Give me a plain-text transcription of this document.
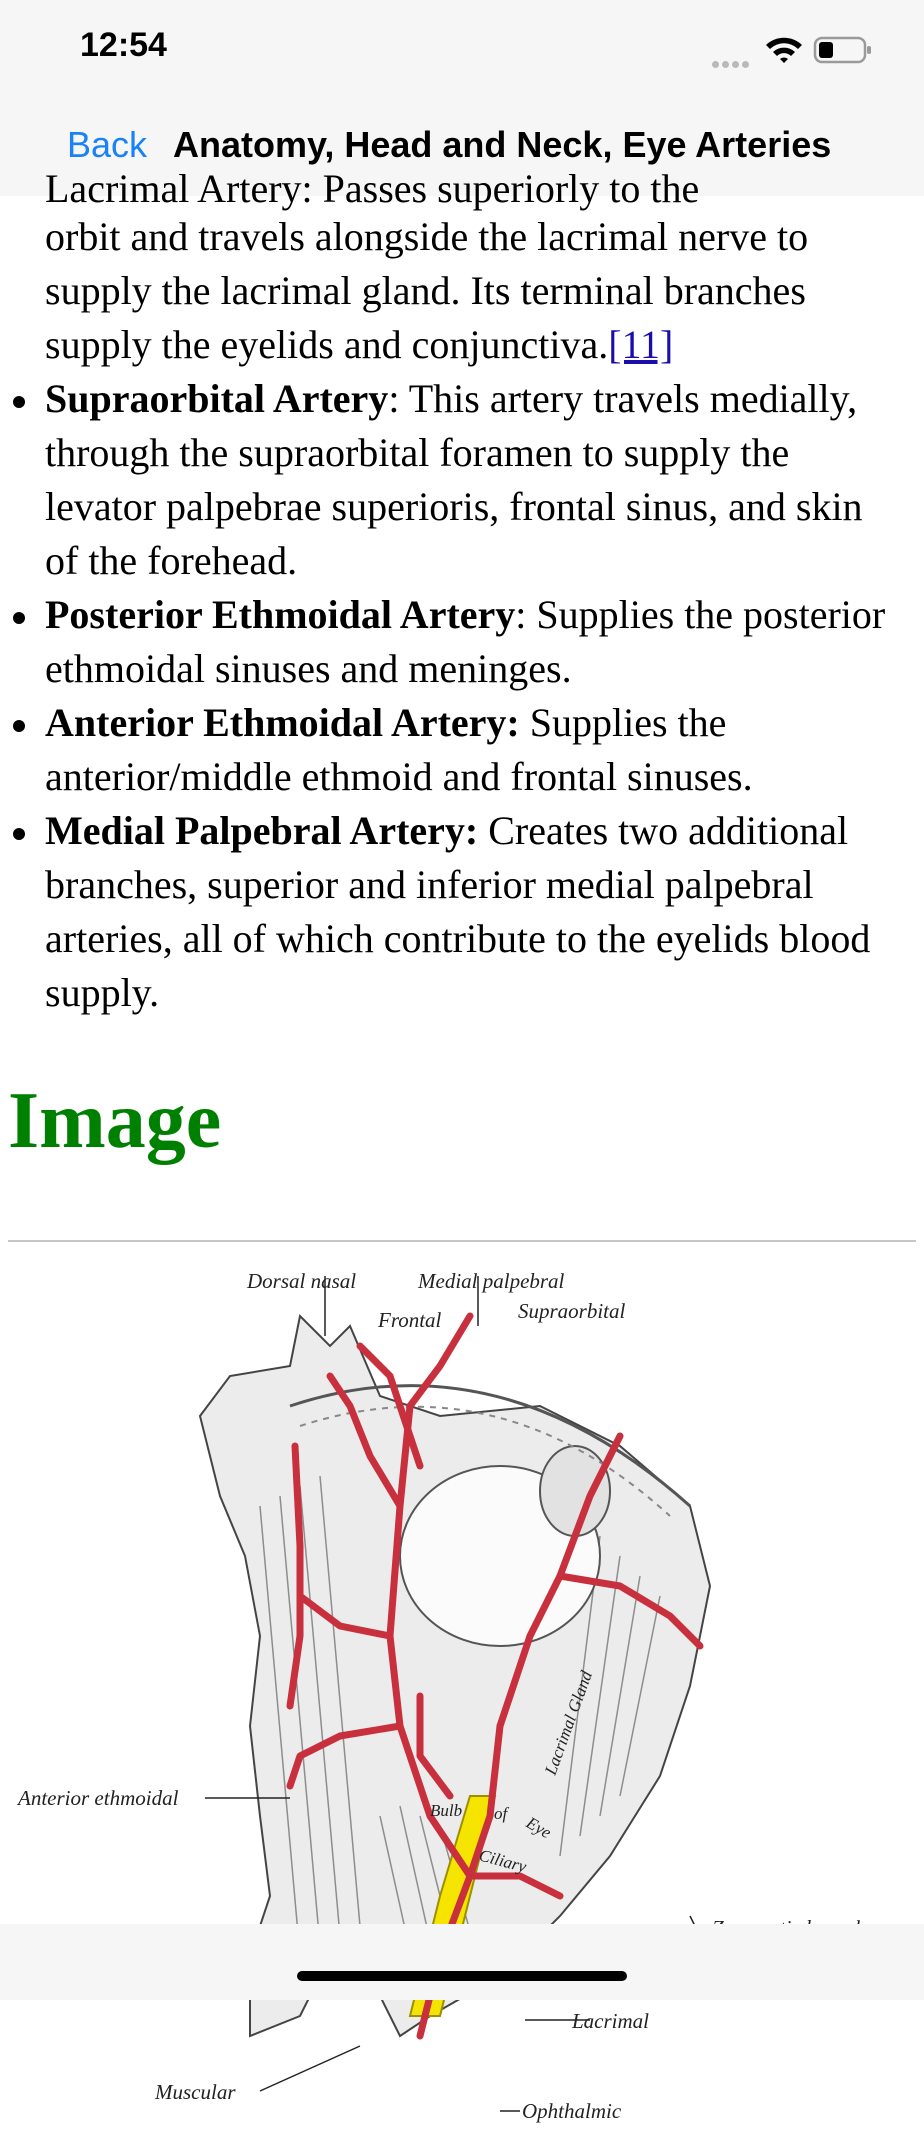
12:54
Back Anatomy, Head and Neck, Eye Arteries
Lacrimal Artery: Passes superiorly to the
orbit and travels alongside the lacrimal nerve to supply the lacrimal gland. Its terminal branches supply the eyelids and conjunctiva.[11]
Supraorbital Artery: This artery travels medially, through the supraorbital foramen to supply the levator palpebrae superioris, frontal sinus, and skin of the forehead.
Posterior Ethmoidal Artery: Supplies the posterior ethmoidal sinuses and meninges.
Anterior Ethmoidal Artery: Supplies the anterior/middle ethmoid and frontal sinuses.
Medial Palpebral Artery: Creates two additional branches, superior and inferior medial palpebral arteries, all of which contribute to the eyelids blood supply.
Image
Dorsal nasal	Medial palpebral
Frontal	Supraorbital
Anterior ethmoidal
Lacrimal
Muscular
Ophthalmic
Bulb of Eye
Ciliary
Lacrimal Gland
